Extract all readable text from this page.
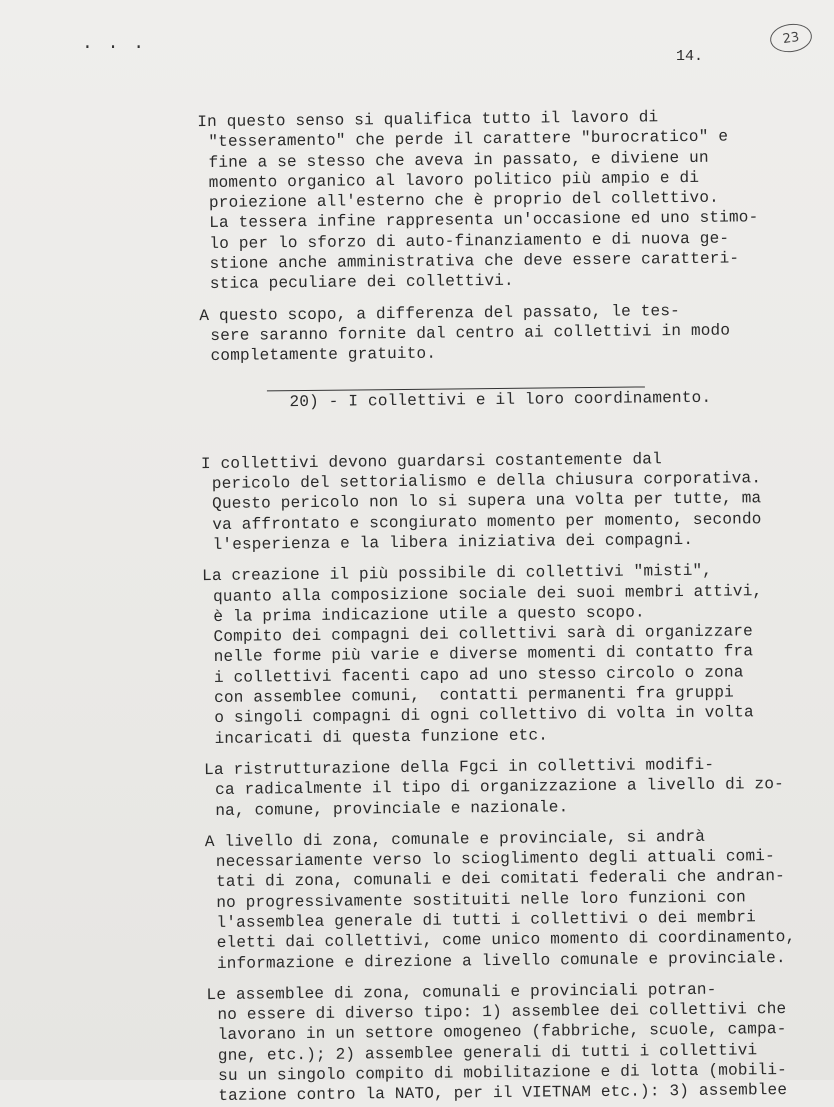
. . .
14.
23
In questo senso si qualifica tutto il lavoro di
"tesseramento" che perde il carattere "burocratico" e
fine a se stesso che aveva in passato, e diviene un
momento organico al lavoro politico più ampio e di
proiezione all'esterno che è proprio del collettivo.
La tessera infine rappresenta un'occasione ed uno stimo-
lo per lo sforzo di auto-finanziamento e di nuova ge-
stione anche amministrativa che deve essere caratteri-
stica peculiare dei collettivi.
A questo scopo, a differenza del passato, le tes-
sere saranno fornite dal centro ai collettivi in modo
completamente gratuito.

20) - I collettivi e il loro coordinamento.

I collettivi devono guardarsi costantemente dal
pericolo del settorialismo e della chiusura corporativa.
Questo pericolo non lo si supera una volta per tutte, ma
va affrontato e scongiurato momento per momento, secondo
l'esperienza e la libera iniziativa dei compagni.
La creazione il più possibile di collettivi "misti",
quanto alla composizione sociale dei suoi membri attivi,
è la prima indicazione utile a questo scopo.
Compito dei compagni dei collettivi sarà di organizzare
nelle forme più varie e diverse momenti di contatto fra
i collettivi facenti capo ad uno stesso circolo o zona
con assemblee comuni,  contatti permanenti fra gruppi
o singoli compagni di ogni collettivo di volta in volta
incaricati di questa funzione etc.
La ristrutturazione della Fgci in collettivi modifi-
ca radicalmente il tipo di organizzazione a livello di zo-
na, comune, provinciale e nazionale.
A livello di zona, comunale e provinciale, si andrà
necessariamente verso lo scioglimento degli attuali comi-
tati di zona, comunali e dei comitati federali che andran-
no progressivamente sostituiti nelle loro funzioni con
l'assemblea generale di tutti i collettivi o dei membri
eletti dai collettivi, come unico momento di coordinamento,
informazione e direzione a livello comunale e provinciale.
Le assemblee di zona, comunali e provinciali potran-
no essere di diverso tipo: 1) assemblee dei collettivi che
lavorano in un settore omogeneo (fabbriche, scuole, campa-
gne, etc.); 2) assemblee generali di tutti i collettivi
su un singolo compito di mobilitazione e di lotta (mobili-
tazione contro la NATO, per il VIETNAM etc.): 3) assemblee
